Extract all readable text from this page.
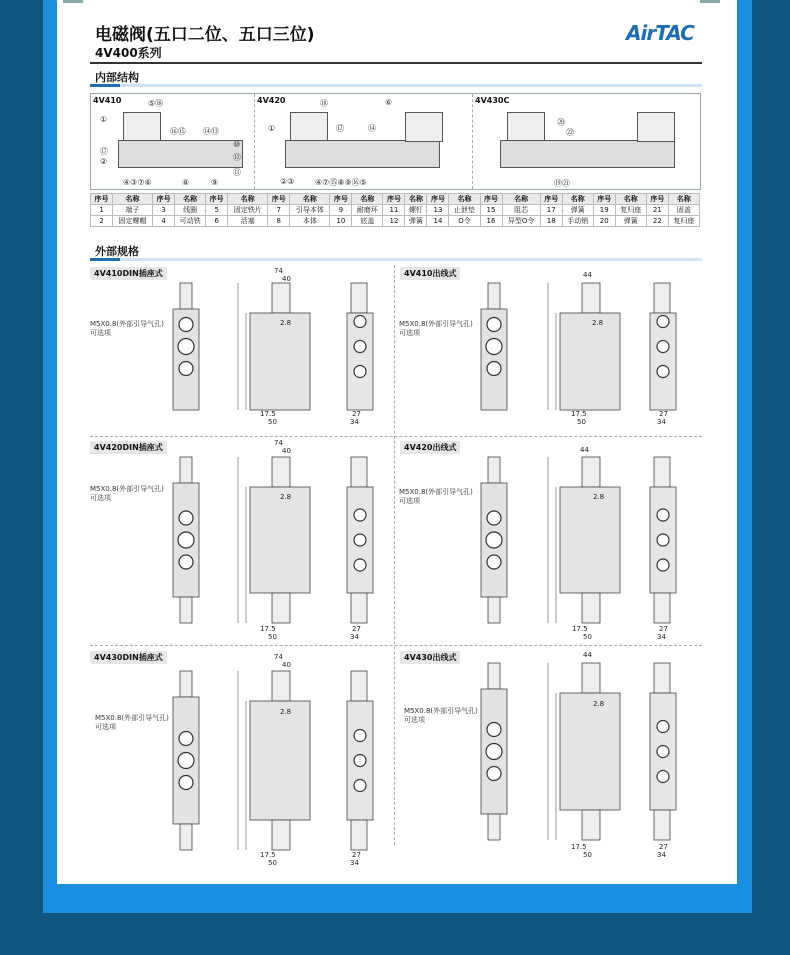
电磁阀(五口二位、五口三位)
4V400系列
AirTAC
内部结构
4V410	4V420	4V430C
⑤⑱
①
⑯⑮ ⑭⑬
⑩
⑫
⑰
②
⑪
④③⑦⑥	⑧	⑨
⑱	⑥
①	⑰	⑭
②③	④⑦⑮⑧⑨⑯⑤
⑳
㉒
⑲㉑
序号	名称	序号	名称	序号	名称	序号	名称	序号	名称	序号	名称	序号	名称	序号	名称	序号	名称	序号	名称	序号	名称
1	端子	3	线圈	5	固定铁片	7	引导本体	9	耐磨环	11	螺钉	13	止泄垫	15	阻芯	17	弹簧	19	复归座	21	固盖
2	固定螺帽	4	可动铁	6	活塞	8	本体	10	底盖	12	弹簧	14	O令	16	异型O令	18	手动销	20	弹簧	22	复归座
外部规格
4V410DIN插座式	4V410出线式
4V420DIN插座式	4V420出线式
4V430DIN插座式	4V430出线式
M5X0.8(外部引导气孔)
可选项
M5X0.8(外部引导气孔)
可选项
M5X0.8(外部引导气孔)
可选项
M5X0.8(外部引导气孔)
可选项
M5X0.8(外部引导气孔)
可选项
M5X0.8(外部引导气孔)
可选项
74
40
2.8
17.5
50
27
34
44
2.8
17.5
50
27
34
74
40
2.8
17.5
50
27
34
44
2.8
17.5
50
27
34
74
40
2.8
17.5
50
27
34
44
2.8
17.5
50
27
34
